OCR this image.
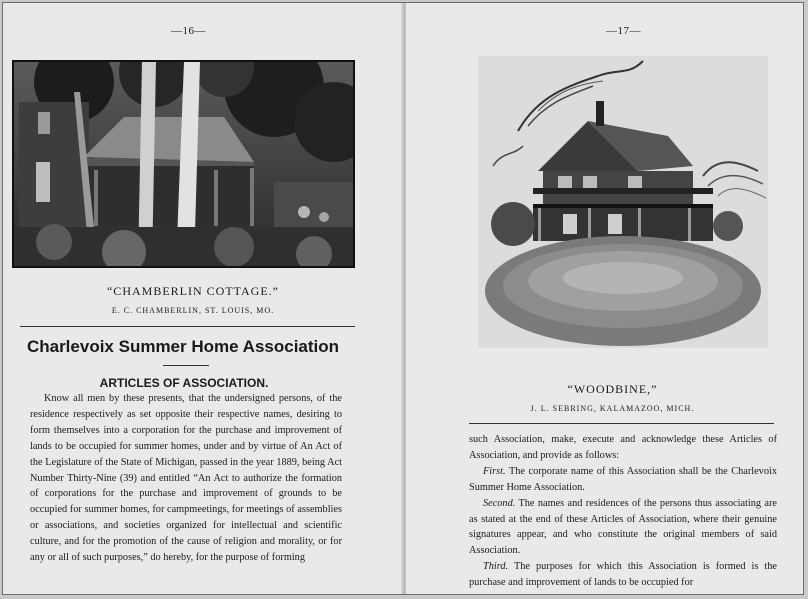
—16—
“CHAMBERLIN COTTAGE.”
E. C. CHAMBERLIN, ST. LOUIS, MO.
Charlevoix Summer Home Association
ARTICLES OF ASSOCIATION.

Know all men by these presents, that the undersigned persons, of the residence respectively as set opposite their respective names, desiring to form themselves into a corporation for the purchase and improvement of lands to be occupied for summer homes, under and by virtue of An Act of the Legislature of the State of Michigan, passed in the year 1889, being Act Number Thirty-Nine (39) and entitled “An Act to authorize the formation of corporations for the purchase and improvement of grounds to be occupied for summer homes, for campmeetings, for meetings of assemblies or associations, and societies organized for intellectual and scientific culture, and for the promotion of the cause of religion and morality, or for any or all of such purposes,” do hereby, for the purpose of forming

—17—
“WOODBINE,”
J. L. SEBRING, KALAMAZOO, MICH.

such Association, make, execute and acknowledge these Articles of Association, and provide as follows:

First. The corporate name of this Association shall be the Charlevoix Summer Home Association.

Second. The names and residences of the persons thus associating are as stated at the end of these Articles of Association, where their genuine signatures appear, and who constitute the original members of said Association.

Third. The purposes for which this Association is formed is the purchase and improvement of lands to be occupied for
